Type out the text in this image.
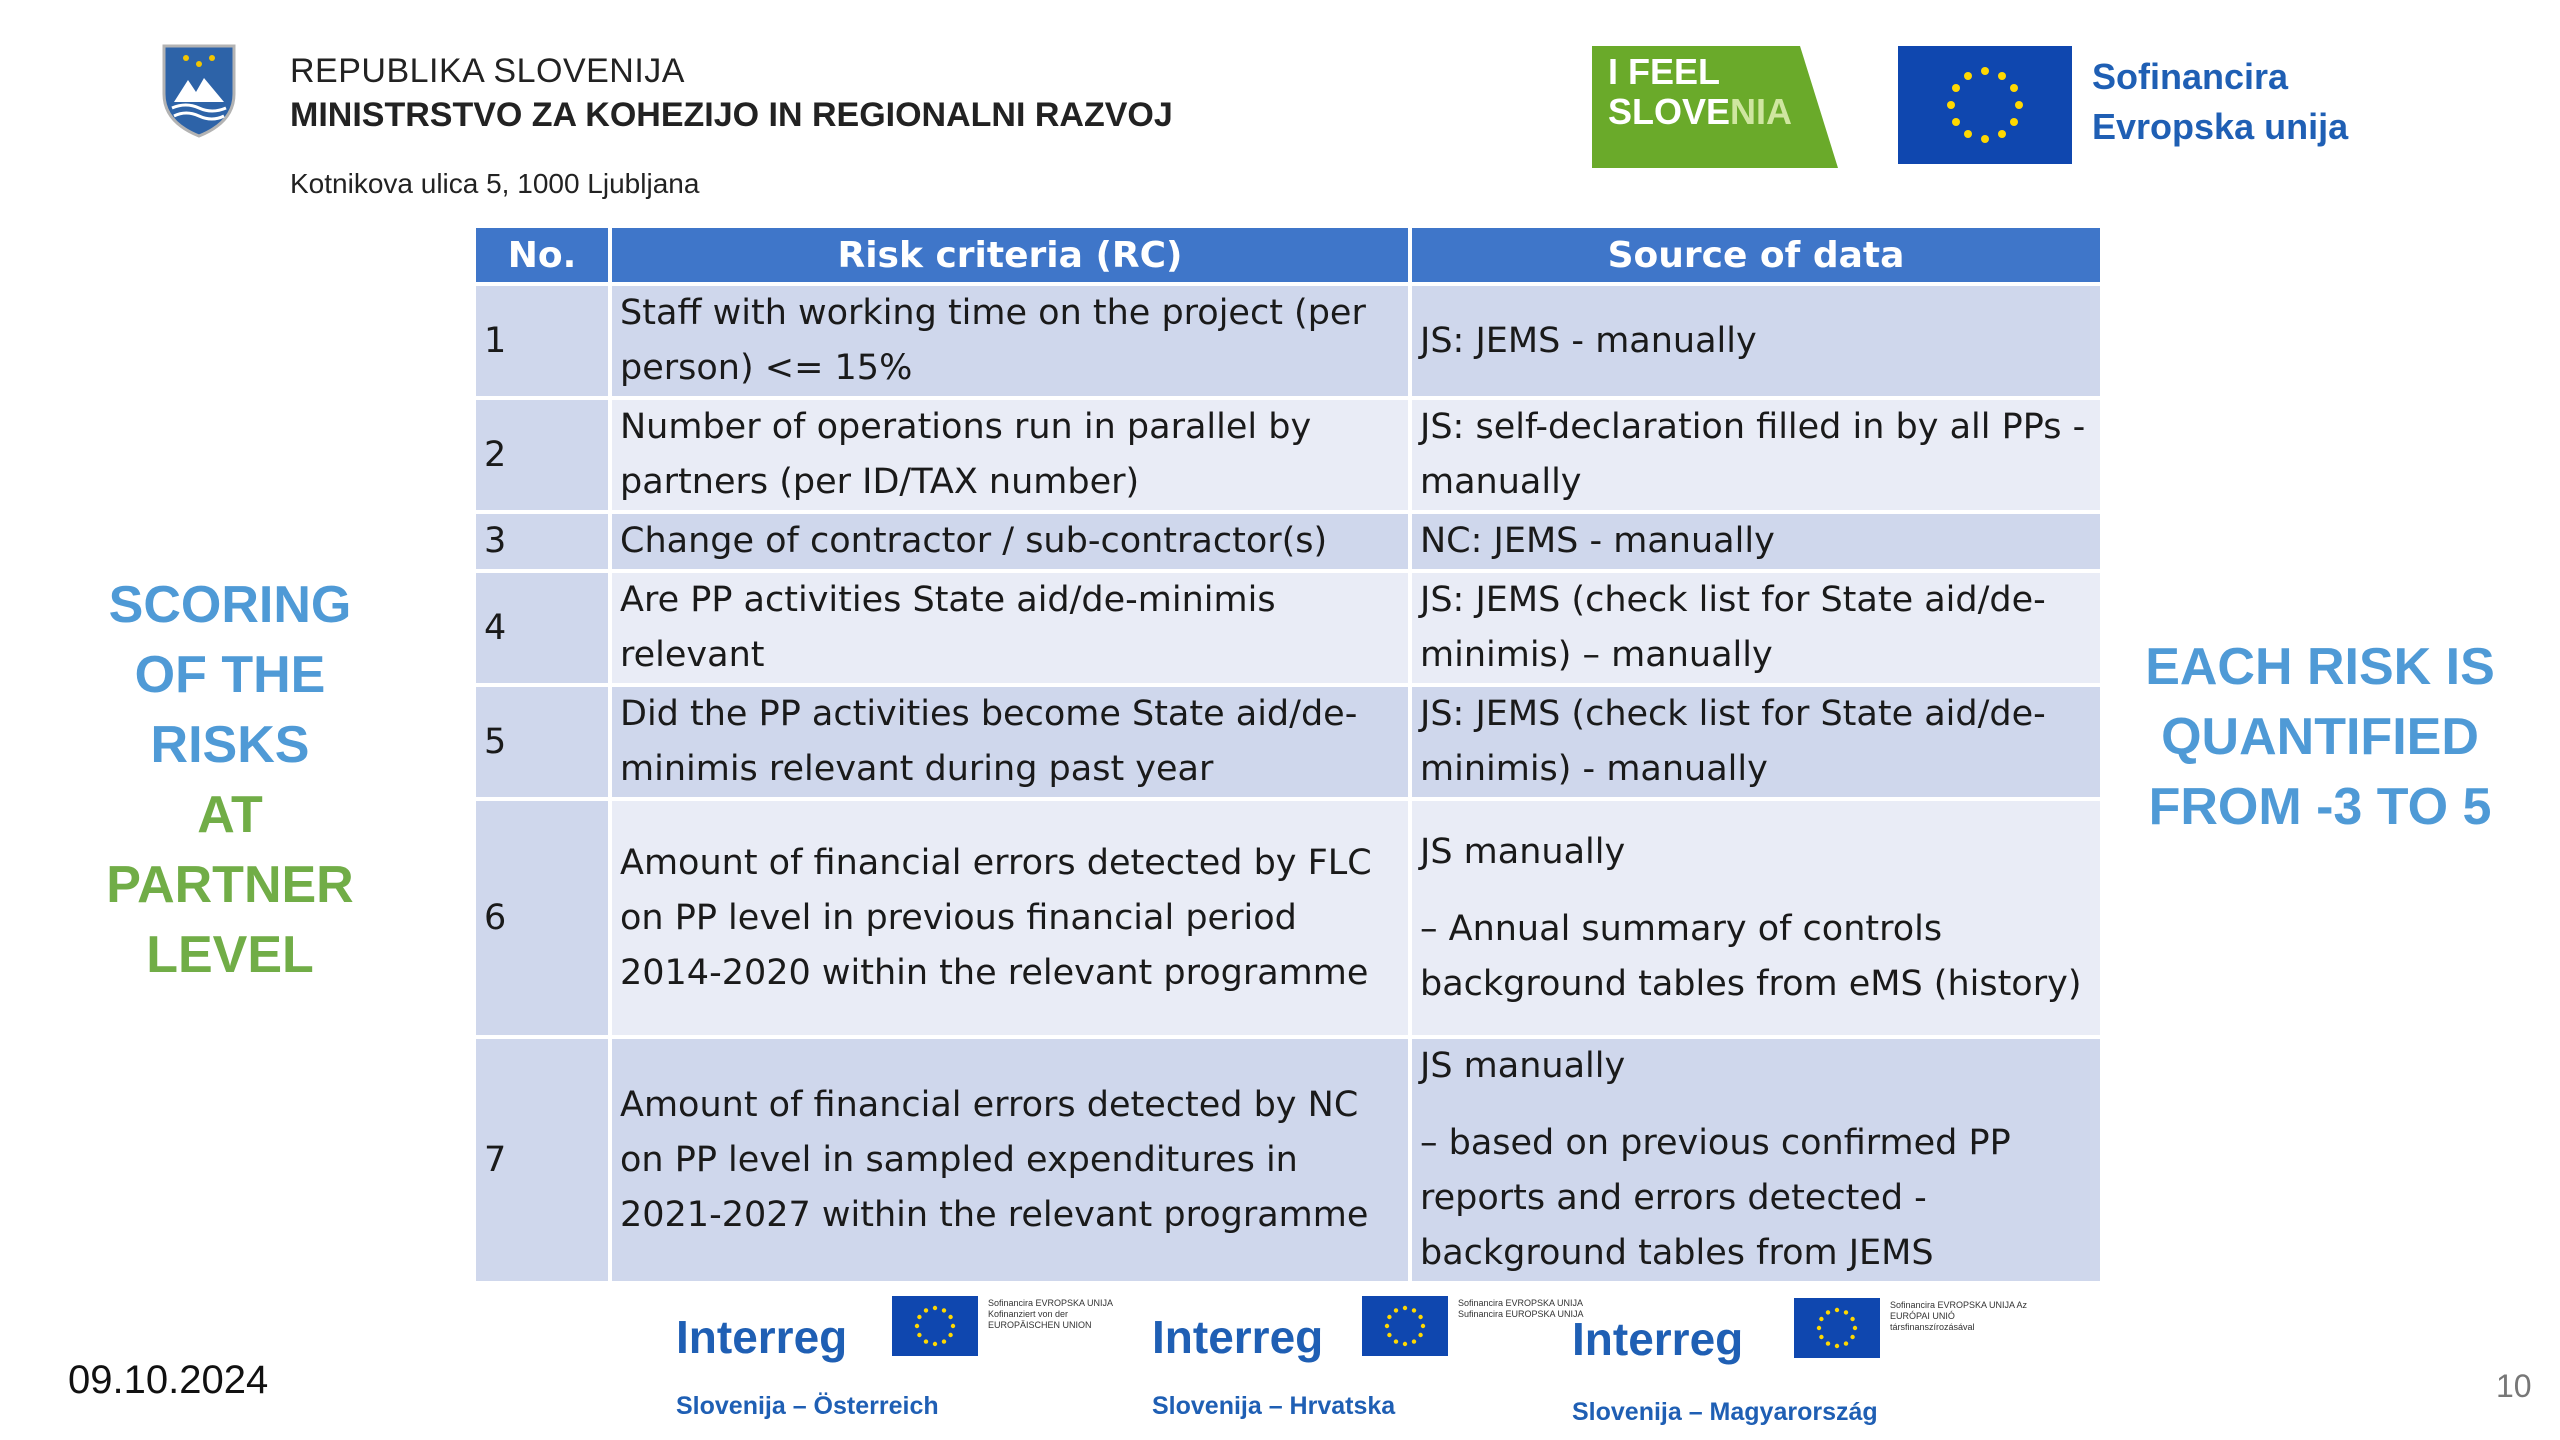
REPUBLIKA SLOVENIJA
MINISTRSTVO ZA KOHEZIJO IN REGIONALNI RAZVOJ
Kotnikova ulica 5, 1000 Ljubljana
I FEEL
SLOVENIA
Sofinancira
Evropska unija
SCORING
OF THE
RISKS
AT
PARTNER
LEVEL
EACH RISK IS
QUANTIFIED
FROM -3 TO 5
No.	Risk criteria (RC)	Source of data
1	Staff with working time on the project (per person) <= 15%	JS: JEMS - manually
2	Number of operations run in parallel by partners (per ID/TAX number)	JS: self-declaration filled in by all PPs - manually
3	Change of contractor / sub-contractor(s)	NC: JEMS - manually
4	Are PP activities State aid/de-minimis relevant	JS: JEMS (check list for State aid/de-minimis) – manually
5	Did the PP activities become State aid/de-minimis relevant during past year	JS: JEMS (check list for State aid/de-minimis) - manually
6	Amount of financial errors detected by FLC on PP level in previous financial period 2014-2020 within the relevant programme	JS manually
– Annual summary of controls background tables from eMS (history)

7	Amount of financial errors detected by NC on PP level in sampled expenditures in 2021-2027 within the relevant programme	JS manually
– based on previous confirmed PP reports and errors detected - background tables from JEMS
Interreg
Sofinancira EVROPSKA UNIJA Kofinanziert von der EUROPÄISCHEN UNION
Slovenija – Österreich
Interreg
Sofinancira EVROPSKA UNIJA Sufinancira EUROPSKA UNIJA
Slovenija – Hrvatska
Interreg
Sofinancira EVROPSKA UNIJA Az EURÓPAI UNIÓ társfinanszírozásával
Slovenija – Magyarország
09.10.2024	10
